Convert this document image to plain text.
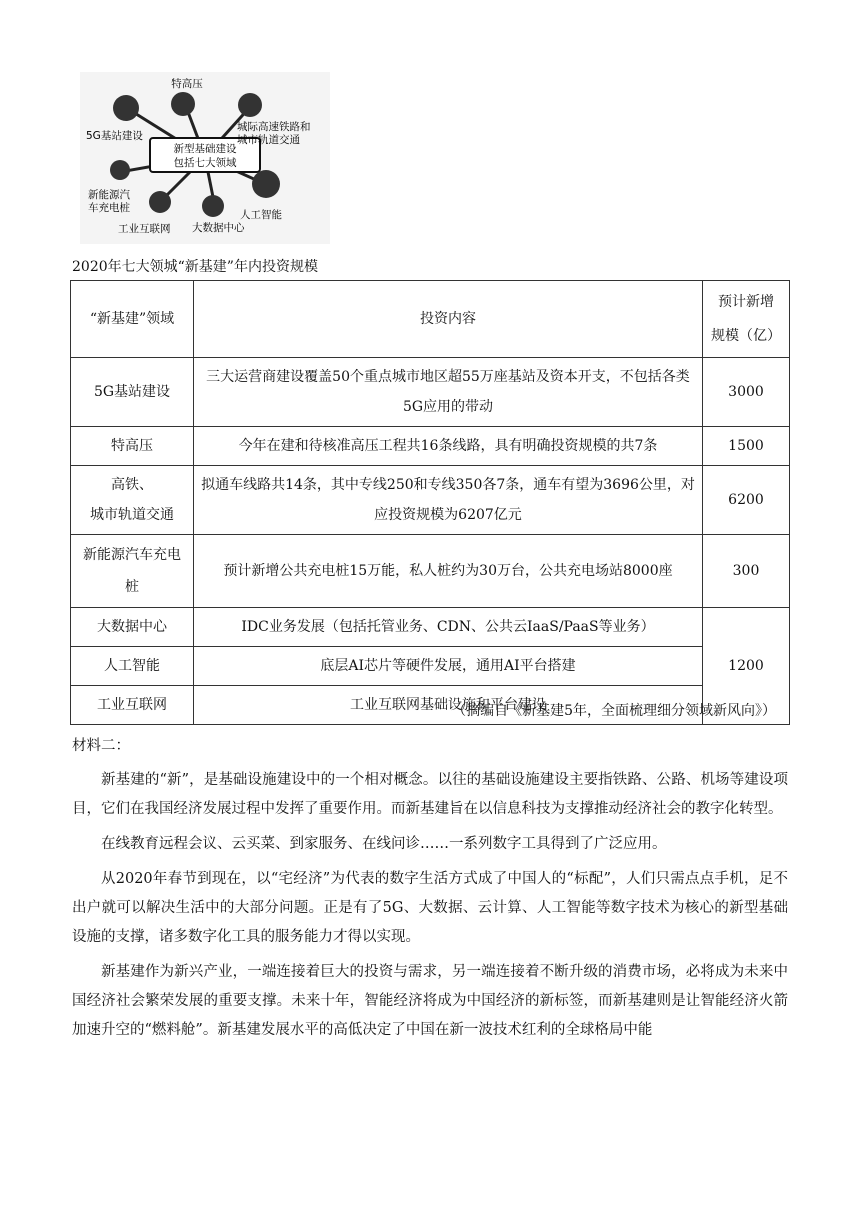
新型基础建设
包括七大领域
特高压
城际高速铁路和
城市轨道交通
人工智能
大数据中心
工业互联网
新能源汽
车充电桩
5G基站建设
2020年七大领城“新基建”年内投资规模
“新基建”领域	投资内容	预计新增
规模（亿）
5G基站建设	三大运营商建设覆盖50个重点城市地区超55万座基站及资本开支，不包括各类5G应用的带动	3000
特高压	今年在建和待核准高压工程共16条线路，具有明确投资规模的共7条	1500
高铁、
城市轨道交通	拟通车线路共14条，其中专线250和专线350各7条，通车有望为3696公里，对应投资规模为6207亿元	6200
新能源汽车充电桩	预计新增公共充电桩15万能，私人桩约为30万台，公共充电场站8000座	300
大数据中心	IDC业务发展（包括托管业务、CDN、公共云IaaS/PaaS等业务）	1200
人工智能	底层AI芯片等硬件发展，通用AI平台搭建	
工业互联网	工业互联网基础设施和平台建设	
（摘编自《新基建5年，全面梳理细分领域新风向》）
材料二：

新基建的“新”，是基础设施建设中的一个相对概念。以往的基础设施建设主要指铁路、公路、机场等建设项目，它们在我国经济发展过程中发挥了重要作用。而新基建旨在以信息科技为支撑推动经济社会的教字化转型。

在线教育远程会议、云买菜、到家服务、在线问诊……一系列数字工具得到了广泛应用。

从2020年春节到现在，以“宅经济”为代表的数字生活方式成了中国人的“标配”，人们只需点点手机，足不出户就可以解决生活中的大部分问题。正是有了5G、大数据、云计算、人工智能等数字技术为核心的新型基础设施的支撑，诸多数字化工具的服务能力才得以实现。

新基建作为新兴产业，一端连接着巨大的投资与需求，另一端连接着不断升级的消费市场，必将成为未来中国经济社会繁荣发展的重要支撑。未来十年，智能经济将成为中国经济的新标签，而新基建则是让智能经济火箭加速升空的“燃料舱”。新基建发展水平的高低决定了中国在新一波技术红利的全球格局中能
